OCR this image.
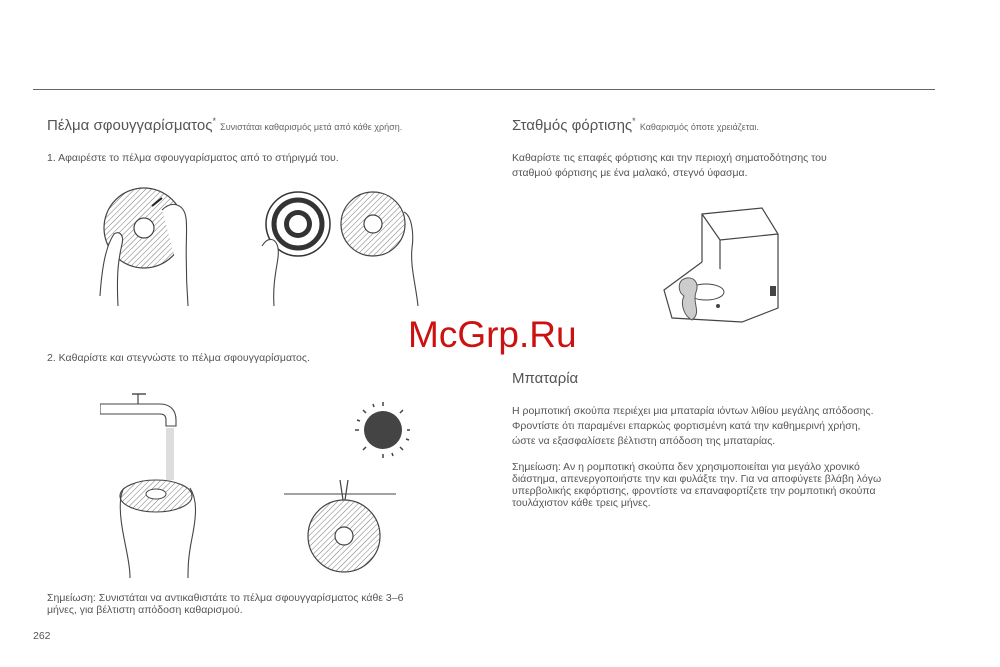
Πέλμα σφουγγαρίσματος* Συνιστάται καθαρισμός μετά από κάθε χρήση.
1. Αφαιρέστε το πέλμα σφουγγαρίσματος από το στήριγμά του.
2. Καθαρίστε και στεγνώστε το πέλμα σφουγγαρίσματος.
Σημείωση: Συνιστάται να αντικαθιστάτε το πέλμα σφουγγαρίσματος κάθε 3–6
μήνες, για βέλτιστη απόδοση καθαρισμού.
Σταθμός φόρτισης* Καθαρισμός όποτε χρειάζεται.
Καθαρίστε τις επαφές φόρτισης και την περιοχή σηματοδότησης του
σταθμού φόρτισης με ένα μαλακό, στεγνό ύφασμα.
Μπαταρία
Η ρομποτική σκούπα περιέχει μια μπαταρία ιόντων λιθίου μεγάλης απόδοσης.
Φροντίστε ότι παραμένει επαρκώς φορτισμένη κατά την καθημερινή χρήση,
ώστε να εξασφαλίσετε βέλτιστη απόδοση της μπαταρίας.
Σημείωση: Αν η ρομποτική σκούπα δεν χρησιμοποιείται για μεγάλο χρονικό
διάστημα, απενεργοποιήστε την και φυλάξτε την. Για να αποφύγετε βλάβη λόγω
υπερβολικής εκφόρτισης, φροντίστε να επαναφορτίζετε την ρομποτική σκούπα
τουλάχιστον κάθε τρεις μήνες.
McGrp.Ru
262
